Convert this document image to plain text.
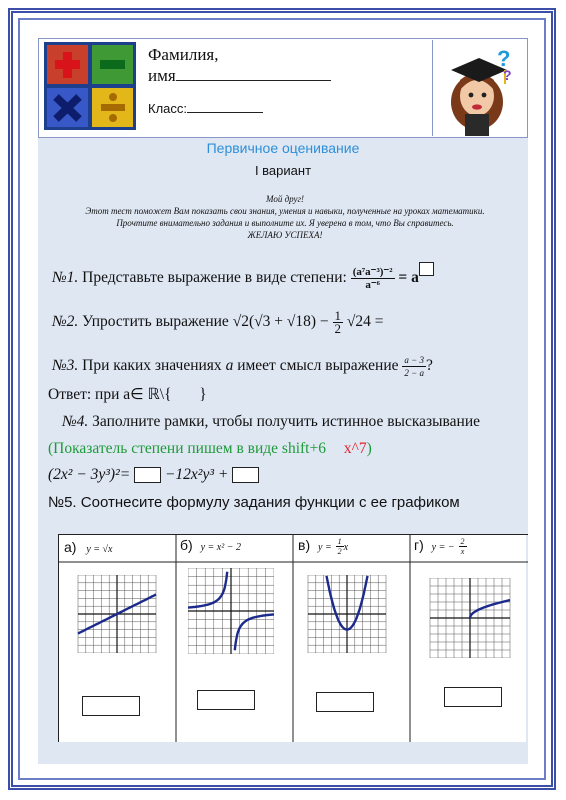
Фамилия,
имя
Класс:
?
?
Первичное оценивание
I вариант
Мой друг!
Этот тест поможет Вам показать свои знания, умения и навыки, полученные на уроках математики.
Прочтите внимательно задания и выполните их. Я уверена в том, что Вы справитесь.
ЖЕЛАЮ УСПЕХА!
№1. Представьте выражение в виде степени: $\frac{\text{(a⁷a⁻³)⁻²}}{\text{a⁻⁶}} = a$
№2. Упростить выражение $√2(√3 + √18) - \frac{1}{2} √24$ =
№3. При каких значениях a имеет смысл выражение $\frac{a - 3}{2 - a}$ ?
Ответ: при a∈ ℝ\{ }
№4. Заполните рамки, чтобы получить истинное высказывание
(Показатель степени пишем в виде shift+6 x^7)
(2x² − 3y³)²= −12x²y³ +
№5. Соотнесите формулу задания функции с ее графиком
а) y = √x	б) y = x² − 2	в) $y = \frac{1}{2}$ x	г) y = − $\frac{2}{x}$
